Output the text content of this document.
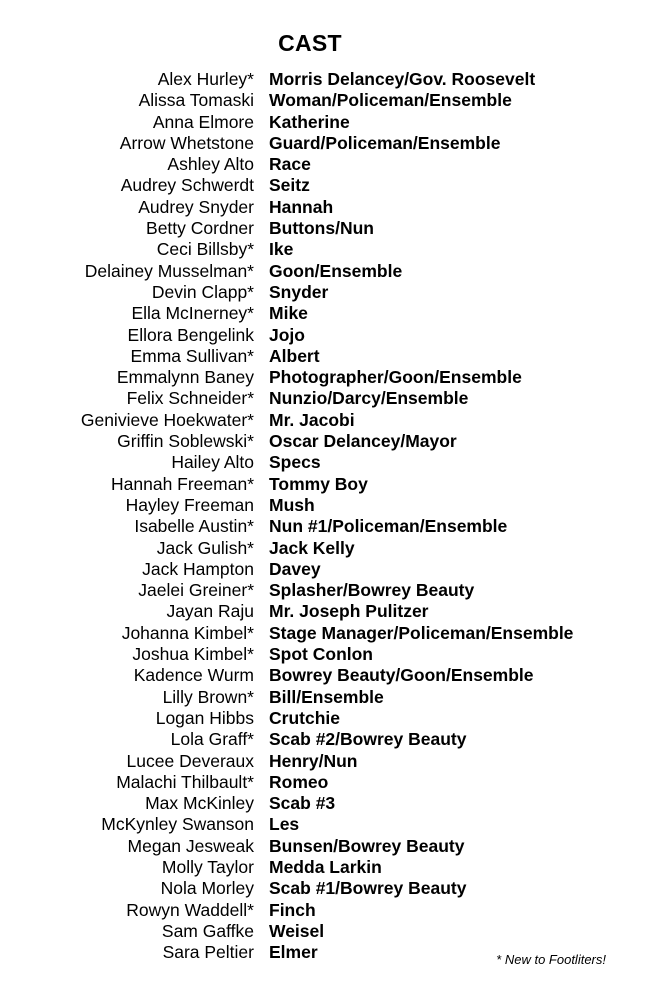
CAST
Alex Hurley* Morris Delancey/Gov. Roosevelt
Alissa Tomaski Woman/Policeman/Ensemble
Anna Elmore Katherine
Arrow Whetstone Guard/Policeman/Ensemble
Ashley Alto Race
Audrey Schwerdt Seitz
Audrey Snyder Hannah
Betty Cordner Buttons/Nun
Ceci Billsby* Ike
Delainey Musselman* Goon/Ensemble
Devin Clapp* Snyder
Ella McInerney* Mike
Ellora Bengelink Jojo
Emma Sullivan* Albert
Emmalynn Baney Photographer/Goon/Ensemble
Felix Schneider* Nunzio/Darcy/Ensemble
Genivieve Hoekwater* Mr. Jacobi
Griffin Soblewski* Oscar Delancey/Mayor
Hailey Alto Specs
Hannah Freeman* Tommy Boy
Hayley Freeman Mush
Isabelle Austin* Nun #1/Policeman/Ensemble
Jack Gulish* Jack Kelly
Jack Hampton Davey
Jaelei Greiner* Splasher/Bowrey Beauty
Jayan Raju Mr. Joseph Pulitzer
Johanna Kimbel* Stage Manager/Policeman/Ensemble
Joshua Kimbel* Spot Conlon
Kadence Wurm Bowrey Beauty/Goon/Ensemble
Lilly Brown* Bill/Ensemble
Logan Hibbs Crutchie
Lola Graff* Scab #2/Bowrey Beauty
Lucee Deveraux Henry/Nun
Malachi Thilbault* Romeo
Max McKinley Scab #3
McKynley Swanson Les
Megan Jesweak Bunsen/Bowrey Beauty
Molly Taylor Medda Larkin
Nola Morley Scab #1/Bowrey Beauty
Rowyn Waddell* Finch
Sam Gaffke Weisel
Sara Peltier Elmer	* New to Footliters!
